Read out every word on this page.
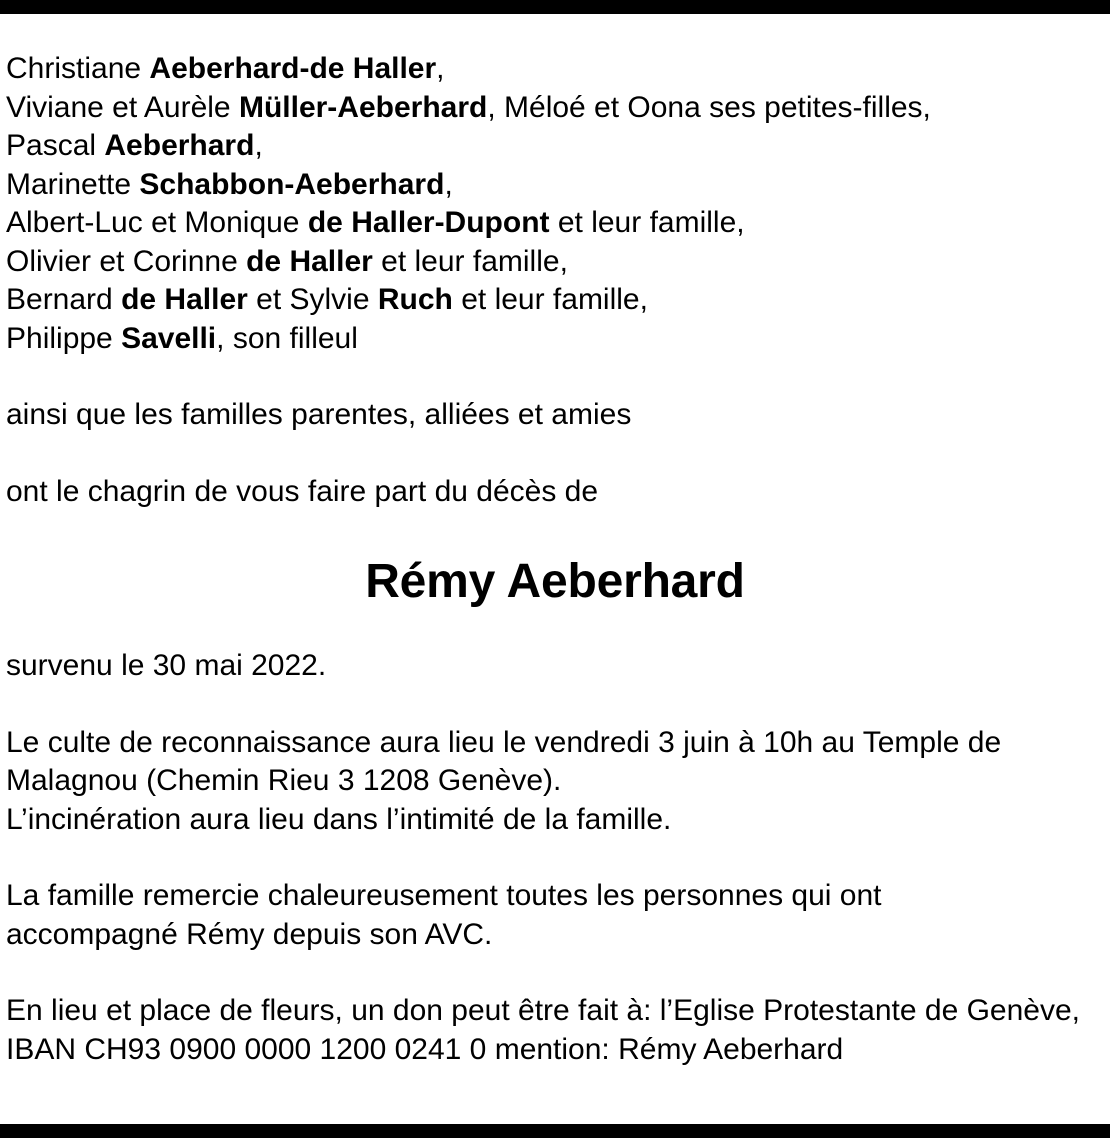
Christiane Aeberhard-de Haller,
Viviane et Aurèle Müller-Aeberhard, Méloé et Oona ses petites-filles,
Pascal Aeberhard,
Marinette Schabbon-Aeberhard,
Albert-Luc et Monique de Haller-Dupont et leur famille,
Olivier et Corinne de Haller et leur famille,
Bernard de Haller et Sylvie Ruch et leur famille,
Philippe Savelli, son filleul
ainsi que les familles parentes, alliées et amies
ont le chagrin de vous faire part du décès de
Rémy Aeberhard
survenu le 30 mai 2022.
Le culte de reconnaissance aura lieu le vendredi 3 juin à 10h au Temple de
Malagnou (Chemin Rieu 3 1208 Genève).
L’incinération aura lieu dans l’intimité de la famille.
La famille remercie chaleureusement toutes les personnes qui ont
accompagné Rémy depuis son AVC.
En lieu et place de fleurs, un don peut être fait à: l’Eglise Protestante de Genève,
IBAN CH93 0900 0000 1200 0241 0 mention: Rémy Aeberhard
